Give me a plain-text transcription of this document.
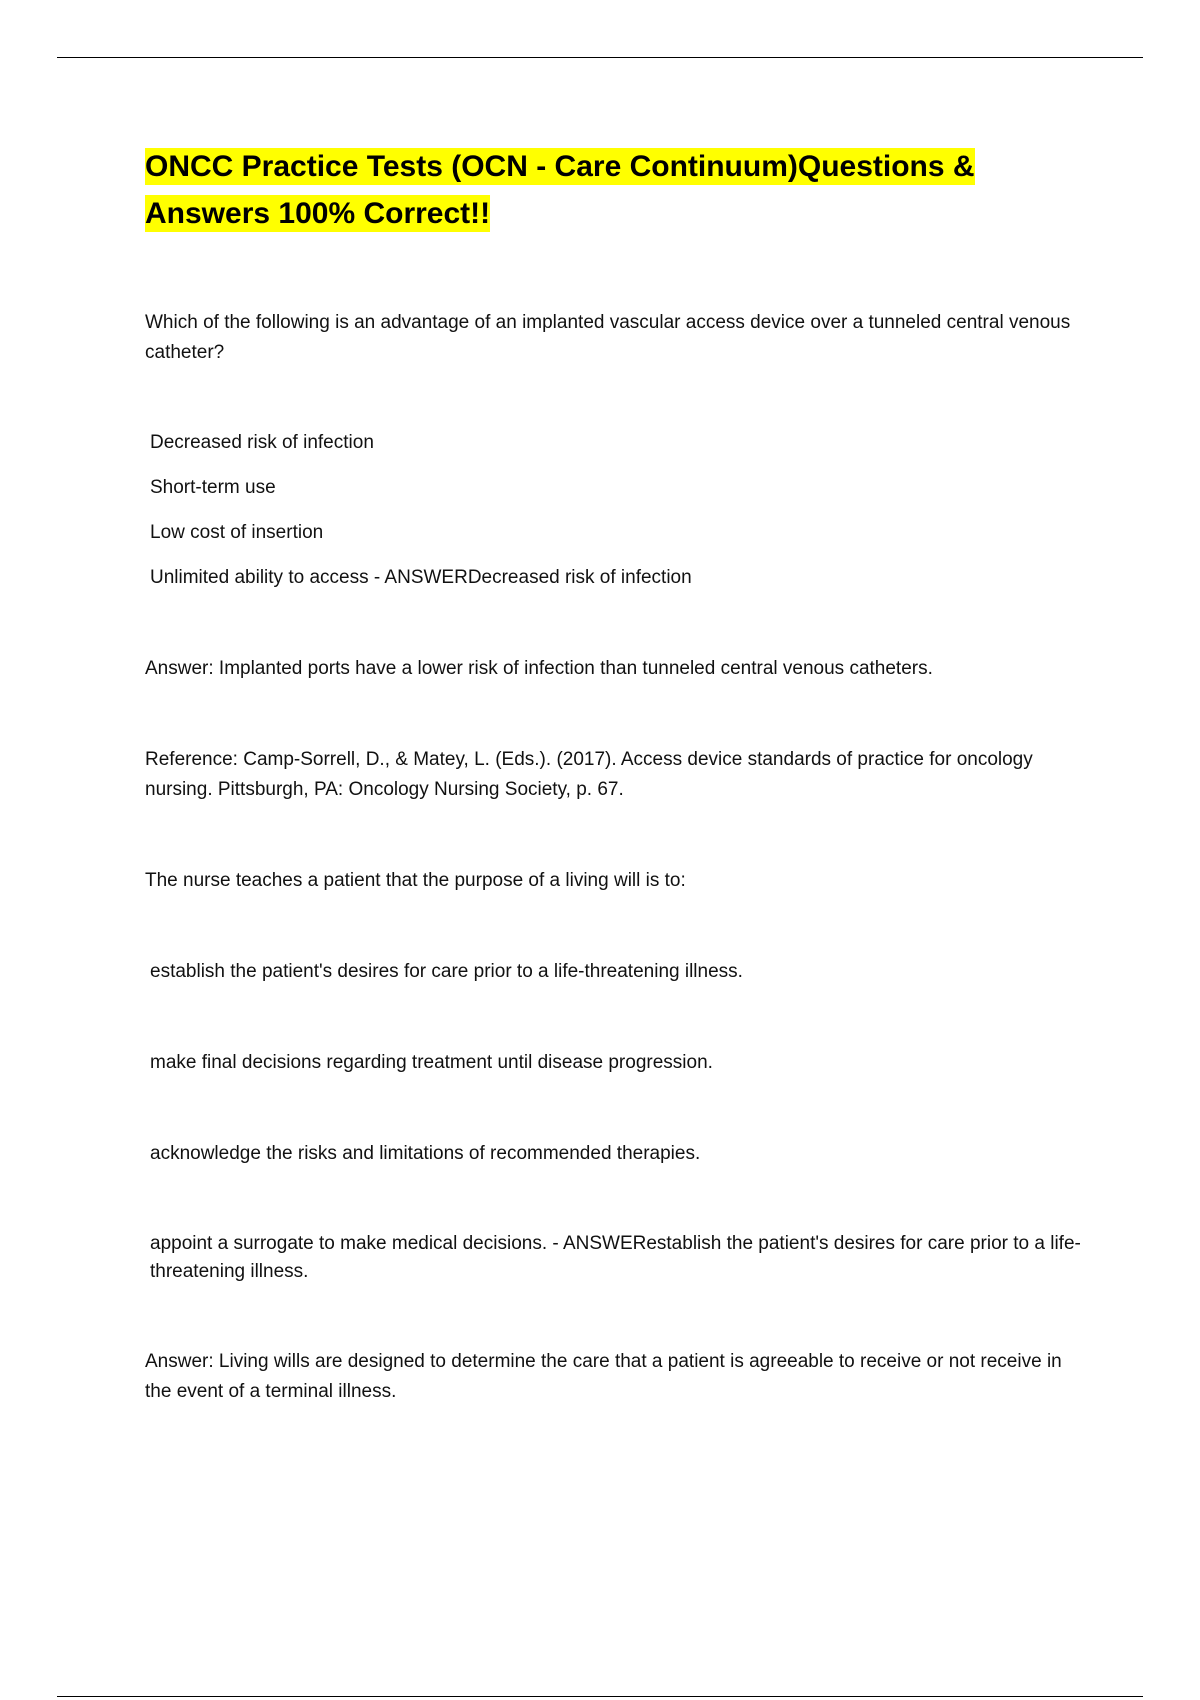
ONCC Practice Tests (OCN - Care Continuum)Questions & Answers 100% Correct!!

Which of the following is an advantage of an implanted vascular access device over a tunneled central venous catheter?

Decreased risk of infection

Short-term use

Low cost of insertion

Unlimited ability to access - ANSWERDecreased risk of infection

Answer: Implanted ports have a lower risk of infection than tunneled central venous catheters.

Reference: Camp-Sorrell, D., & Matey, L. (Eds.). (2017). Access device standards of practice for oncology nursing. Pittsburgh, PA: Oncology Nursing Society, p. 67.

The nurse teaches a patient that the purpose of a living will is to:

establish the patient's desires for care prior to a life-threatening illness.

make final decisions regarding treatment until disease progression.

acknowledge the risks and limitations of recommended therapies.

appoint a surrogate to make medical decisions. - ANSWERestablish the patient's desires for care prior to a life-threatening illness.

Answer: Living wills are designed to determine the care that a patient is agreeable to receive or not receive in the event of a terminal illness.
